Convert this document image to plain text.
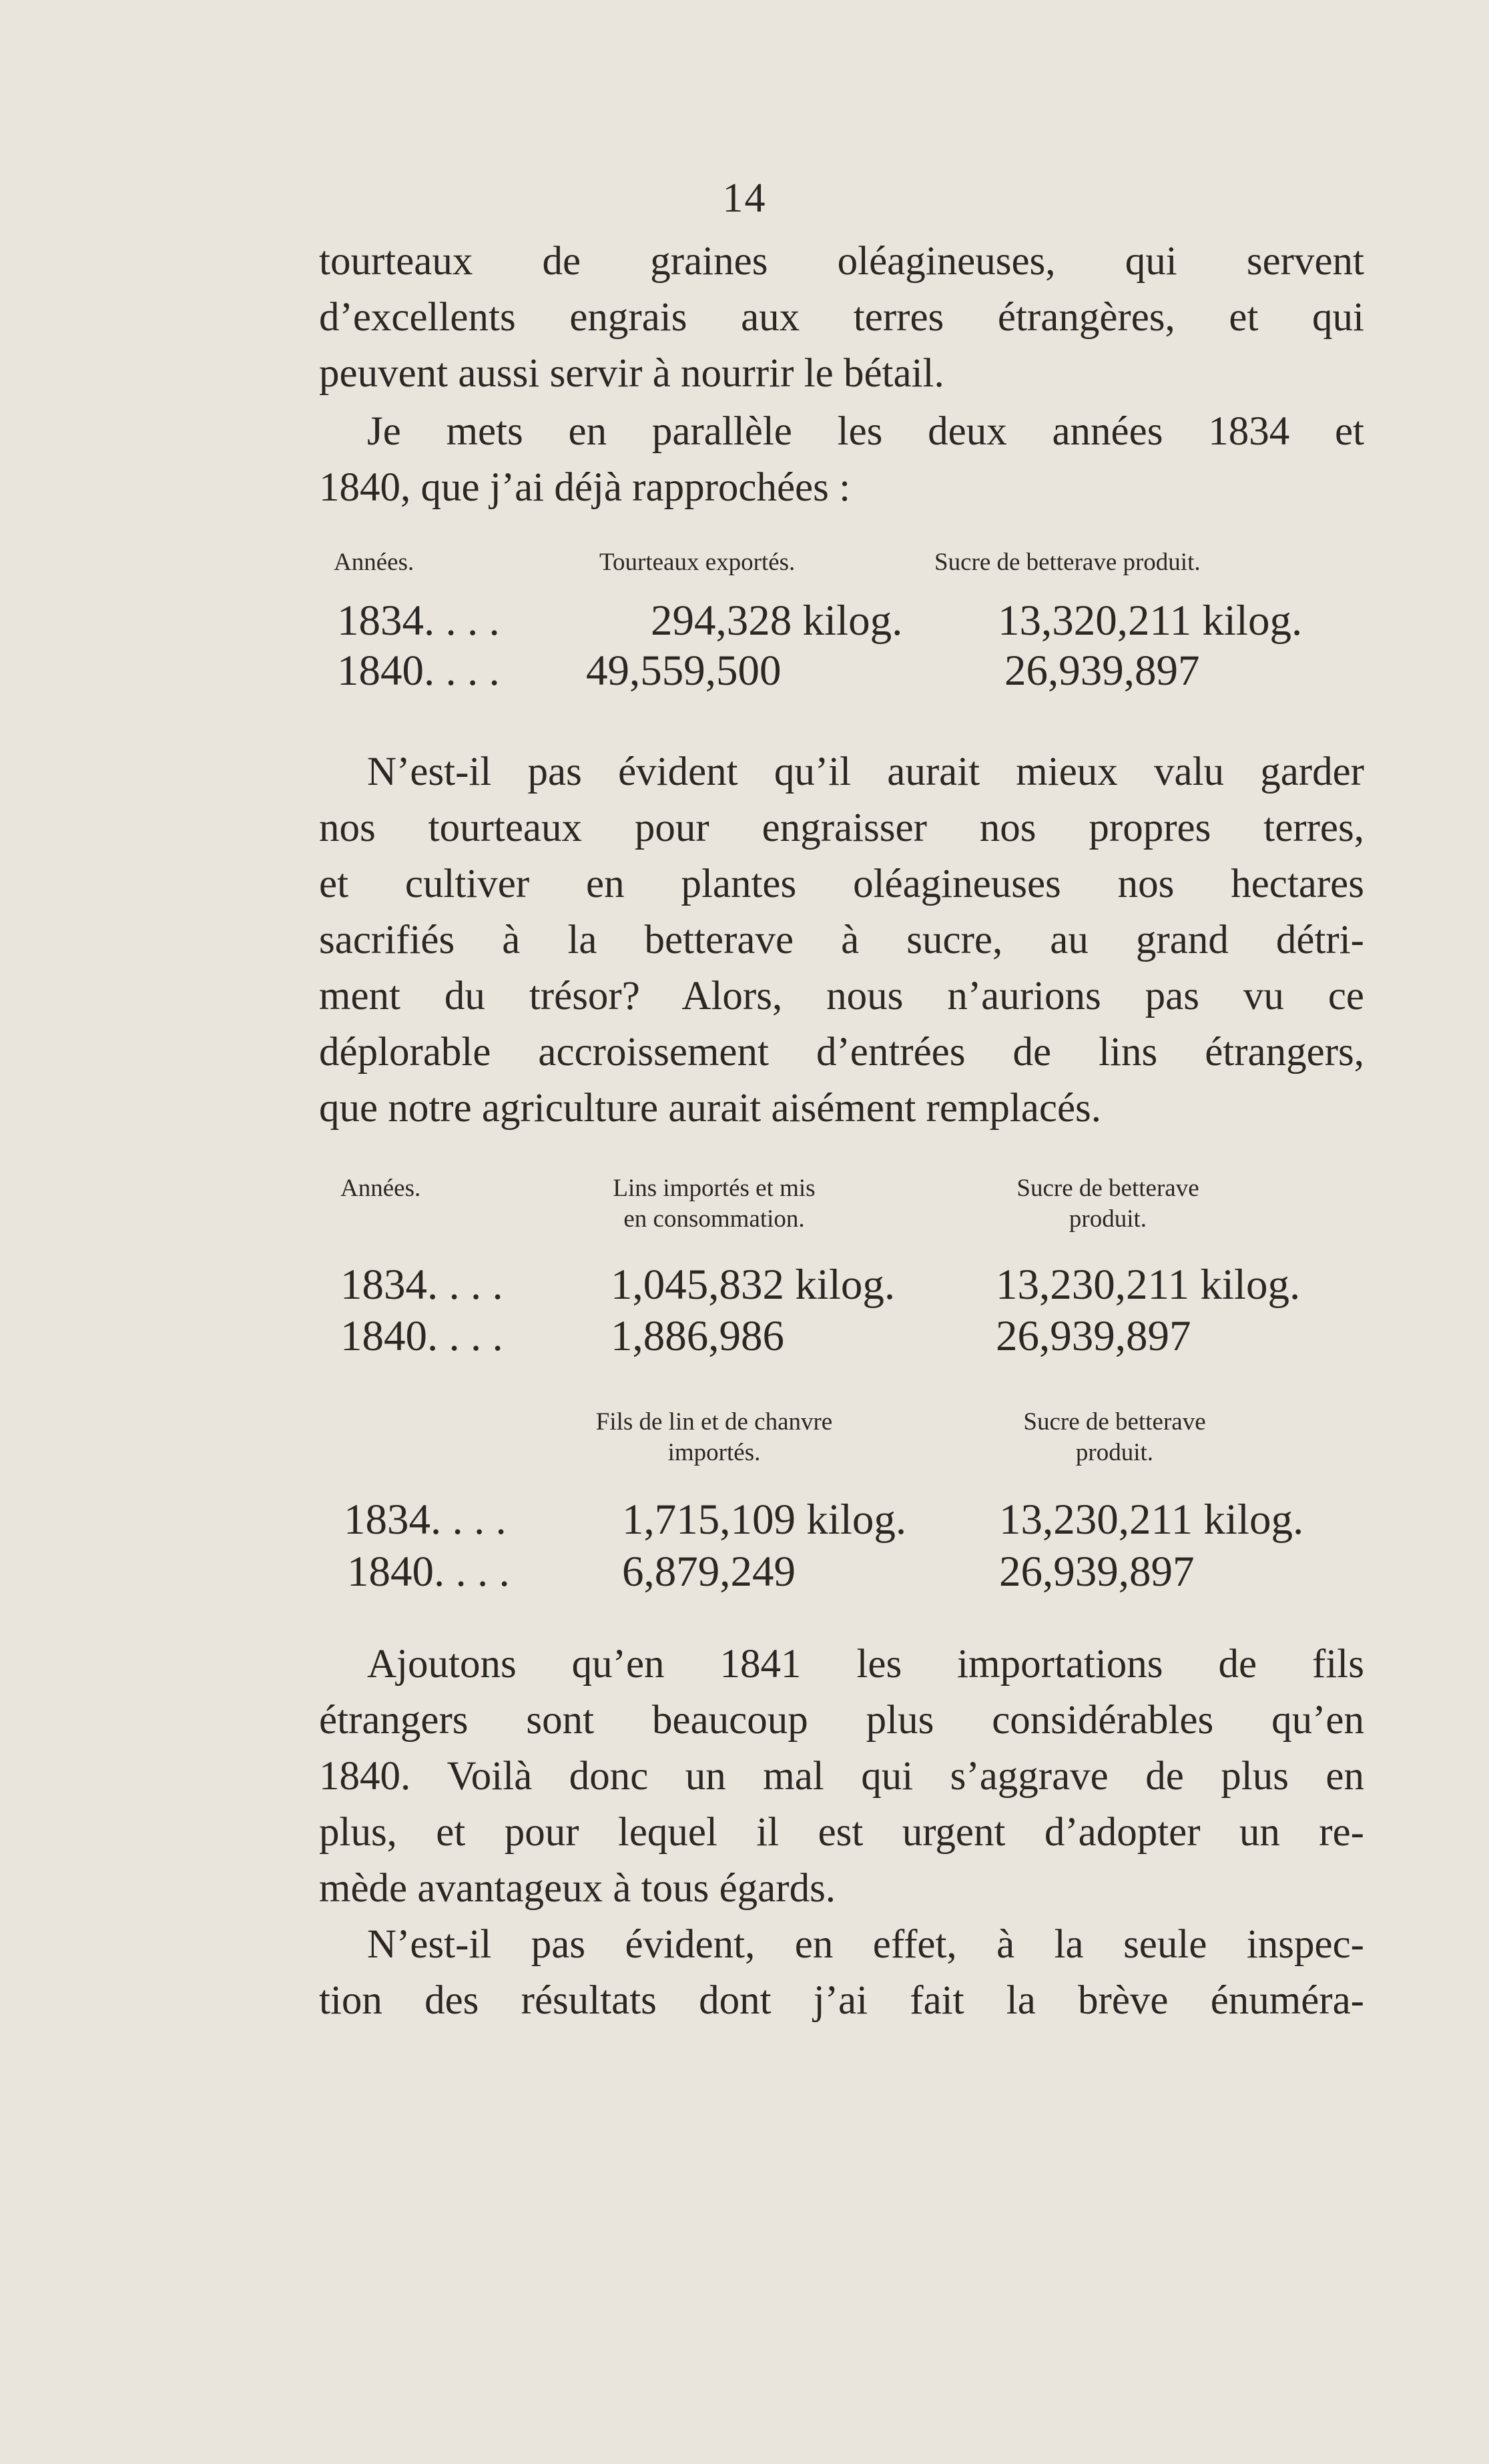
14
tourteaux de graines oléagineuses, qui servent
d’excellents engrais aux terres étrangères, et qui
peuvent aussi servir à nourrir le bétail.
Je mets en parallèle les deux années 1834 et
1840, que j’ai déjà rapprochées :
Années.	Tourteaux exportés.	Sucre de betterave produit.
1834. . . .	294,328 kilog. 13,320,211 kilog.
1840. . . . 49,559,500	26,939,897
N’est-il pas évident qu’il aurait mieux valu garder
nos tourteaux pour engraisser nos propres terres,
et cultiver en plantes oléagineuses nos hectares
sacrifiés à la betterave à sucre, au grand détri-
ment du trésor? Alors, nous n’aurions pas vu ce
déplorable accroissement d’entrées de lins étrangers,
que notre agriculture aurait aisément remplacés.
Années.	Lins importés et mis
en consommation.
Sucre de betterave
produit.
1834. . . . 1,045,832 kilog. 13,230,211 kilog.
1840. . . . 1,886,986	26,939,897
Fils de lin et de chanvre
importés.
Sucre de betterave
produit.
1834. . . .	1,715,109 kilog. 13,230,211 kilog.
1840. . . .	6,879,249	26,939,897
Ajoutons qu’en 1841 les importations de fils
étrangers sont beaucoup plus considérables qu’en
1840. Voilà donc un mal qui s’aggrave de plus en
plus, et pour lequel il est urgent d’adopter un re-
mède avantageux à tous égards.
N’est-il pas évident, en effet, à la seule inspec-
tion des résultats dont j’ai fait la brève énuméra-
